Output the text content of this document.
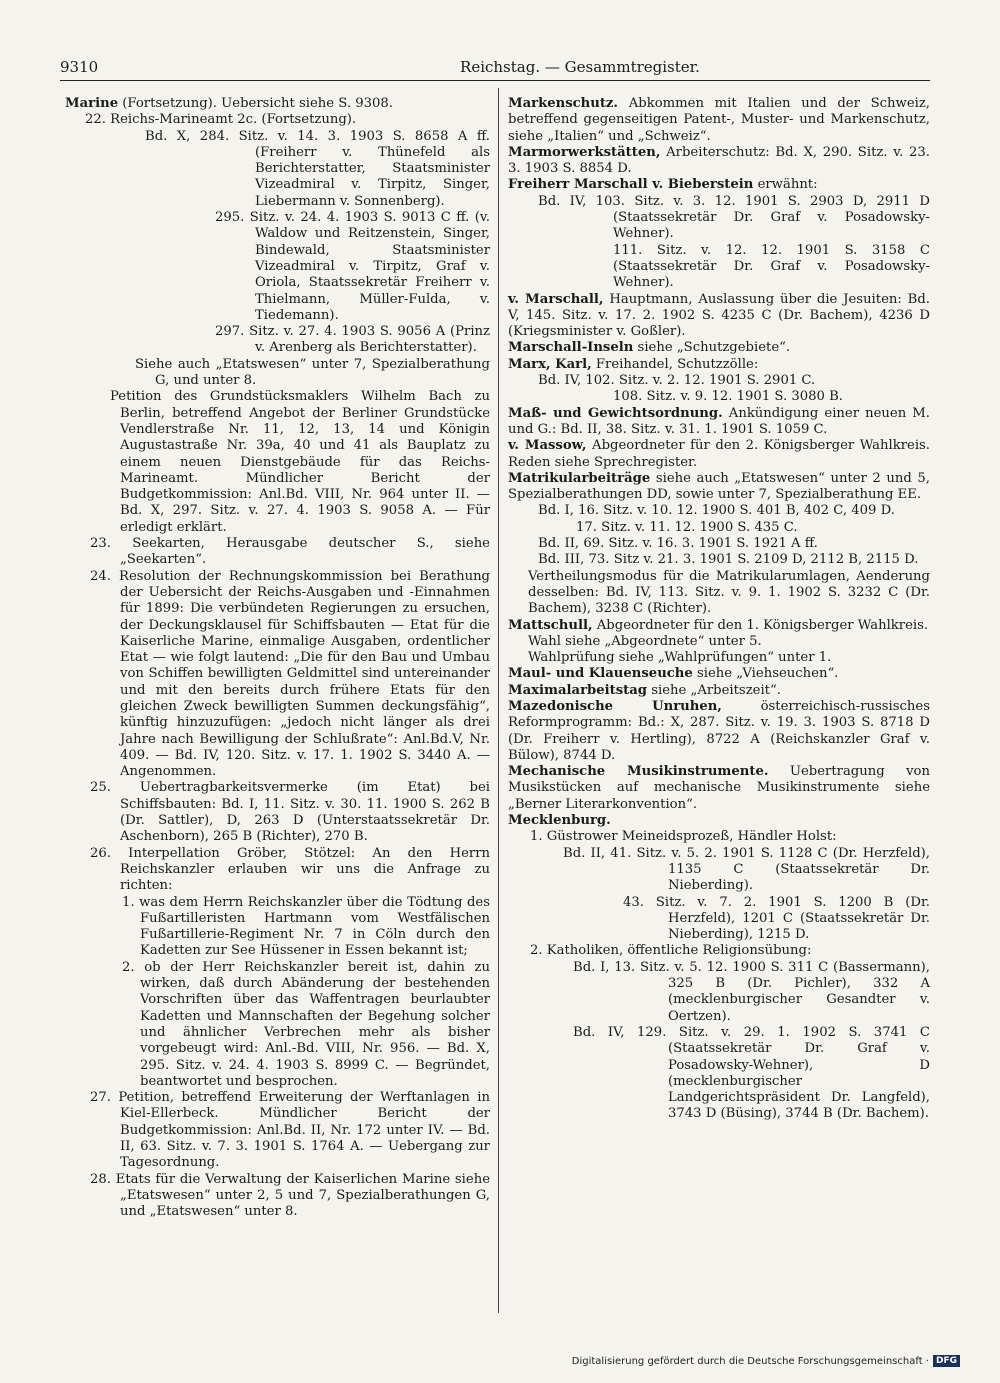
9310	Reichstag. — Gesammtregister.

Marine (Fortsetzung). Uebersicht siehe S. 9308.

22. Reichs-Marineamt 2c. (Fortsetzung).

Bd. X, 284. Sitz. v. 14. 3. 1903 S. 8658 A ff. (Freiherr v. Thünefeld als Berichterstatter, Staatsminister Vizeadmiral v. Tirpitz, Singer, Liebermann v. Sonnenberg).

295. Sitz. v. 24. 4. 1903 S. 9013 C ff. (v. Waldow und Reitzenstein, Singer, Bindewald, Staatsminister Vizeadmiral v. Tirpitz, Graf v. Oriola, Staatssekretär Freiherr v. Thielmann, Müller-Fulda, v. Tiedemann).

297. Sitz. v. 27. 4. 1903 S. 9056 A (Prinz v. Arenberg als Berichterstatter).

Siehe auch „Etatswesen“ unter 7, Spezialberathung G, und unter 8.

Petition des Grundstücksmaklers Wilhelm Bach zu Berlin, betreffend Angebot der Berliner Grundstücke Vendlerstraße Nr. 11, 12, 13, 14 und Königin Augustastraße Nr. 39a, 40 und 41 als Bauplatz zu einem neuen Dienstgebäude für das Reichs-Marineamt. Mündlicher Bericht der Budgetkommission: Anl.Bd. VIII, Nr. 964 unter II. — Bd. X, 297. Sitz. v. 27. 4. 1903 S. 9058 A. — Für erledigt erklärt.

23. Seekarten, Herausgabe deutscher S., siehe „Seekarten“.

24. Resolution der Rechnungskommission bei Berathung der Uebersicht der Reichs-Ausgaben und -Einnahmen für 1899: Die verbündeten Regierungen zu ersuchen, der Deckungsklausel für Schiffsbauten — Etat für die Kaiserliche Marine, einmalige Ausgaben, ordentlicher Etat — wie folgt lautend: „Die für den Bau und Umbau von Schiffen bewilligten Geldmittel sind untereinander und mit den bereits durch frühere Etats für den gleichen Zweck bewilligten Summen deckungsfähig“, künftig hinzuzufügen: „jedoch nicht länger als drei Jahre nach Bewilligung der Schlußrate“: Anl.Bd.V, Nr. 409. — Bd. IV, 120. Sitz. v. 17. 1. 1902 S. 3440 A. — Angenommen.

25. Uebertragbarkeitsvermerke (im Etat) bei Schiffsbauten: Bd. I, 11. Sitz. v. 30. 11. 1900 S. 262 B (Dr. Sattler), D, 263 D (Unterstaatssekretär Dr. Aschenborn), 265 B (Richter), 270 B.

26. Interpellation Gröber, Stötzel: An den Herrn Reichskanzler erlauben wir uns die Anfrage zu richten:

1. was dem Herrn Reichskanzler über die Tödtung des Fußartilleristen Hartmann vom Westfälischen Fußartillerie-Regiment Nr. 7 in Cöln durch den Kadetten zur See Hüssener in Essen bekannt ist;

2. ob der Herr Reichskanzler bereit ist, dahin zu wirken, daß durch Abänderung der bestehenden Vorschriften über das Waffentragen beurlaubter Kadetten und Mannschaften der Begehung solcher und ähnlicher Verbrechen mehr als bisher vorgebeugt wird: Anl.-Bd. VIII, Nr. 956. — Bd. X, 295. Sitz. v. 24. 4. 1903 S. 8999 C. — Begründet, beantwortet und besprochen.

27. Petition, betreffend Erweiterung der Werftanlagen in Kiel-Ellerbeck. Mündlicher Bericht der Budgetkommission: Anl.Bd. II, Nr. 172 unter IV. — Bd. II, 63. Sitz. v. 7. 3. 1901 S. 1764 A. — Uebergang zur Tagesordnung.

28. Etats für die Verwaltung der Kaiserlichen Marine siehe „Etatswesen“ unter 2, 5 und 7, Spezialberathungen G, und „Etatswesen“ unter 8.

Markenschutz. Abkommen mit Italien und der Schweiz, betreffend gegenseitigen Patent-, Muster- und Markenschutz, siehe „Italien“ und „Schweiz“.

Marmorwerkstätten, Arbeiterschutz: Bd. X, 290. Sitz. v. 23. 3. 1903 S. 8854 D.

Freiherr Marschall v. Bieberstein erwähnt:

Bd. IV, 103. Sitz. v. 3. 12. 1901 S. 2903 D, 2911 D (Staatssekretär Dr. Graf v. Posadowsky-Wehner).

111. Sitz. v. 12. 12. 1901 S. 3158 C (Staatssekretär Dr. Graf v. Posadowsky-Wehner).

v. Marschall, Hauptmann, Auslassung über die Jesuiten: Bd. V, 145. Sitz. v. 17. 2. 1902 S. 4235 C (Dr. Bachem), 4236 D (Kriegsminister v. Goßler).

Marschall-Inseln siehe „Schutzgebiete“.

Marx, Karl, Freihandel, Schutzzölle:

Bd. IV, 102. Sitz. v. 2. 12. 1901 S. 2901 C.

108. Sitz. v. 9. 12. 1901 S. 3080 B.

Maß- und Gewichtsordnung. Ankündigung einer neuen M. und G.: Bd. II, 38. Sitz. v. 31. 1. 1901 S. 1059 C.

v. Massow, Abgeordneter für den 2. Königsberger Wahlkreis. Reden siehe Sprechregister.

Matrikularbeiträge siehe auch „Etatswesen“ unter 2 und 5, Spezialberathungen DD, sowie unter 7, Spezialberathung EE.

Bd. I, 16. Sitz. v. 10. 12. 1900 S. 401 B, 402 C, 409 D.

17. Sitz. v. 11. 12. 1900 S. 435 C.

Bd. II, 69. Sitz. v. 16. 3. 1901 S. 1921 A ff.

Bd. III, 73. Sitz v. 21. 3. 1901 S. 2109 D, 2112 B, 2115 D.

Vertheilungsmodus für die Matrikularumlagen, Aenderung desselben: Bd. IV, 113. Sitz. v. 9. 1. 1902 S. 3232 C (Dr. Bachem), 3238 C (Richter).

Mattschull, Abgeordneter für den 1. Königsberger Wahlkreis.

Wahl siehe „Abgeordnete“ unter 5.

Wahlprüfung siehe „Wahlprüfungen“ unter 1.

Maul- und Klauenseuche siehe „Viehseuchen“.

Maximalarbeitstag siehe „Arbeitszeit“.

Mazedonische Unruhen,	österreichisch-russisches Reformprogramm: Bd.: X, 287. Sitz. v. 19. 3. 1903 S. 8718 D (Dr. Freiherr v. Hertling), 8722 A (Reichskanzler Graf v. Bülow), 8744 D.

Mechanische Musikinstrumente. Uebertragung von Musikstücken auf mechanische Musikinstrumente siehe „Berner Literarkonvention“.

Mecklenburg.

1. Güstrower Meineidsprozeß, Händler Holst:

Bd. II, 41. Sitz. v. 5. 2. 1901 S. 1128 C (Dr. Herzfeld), 1135 C (Staatssekretär Dr. Nieberding).

43. Sitz. v. 7. 2. 1901 S. 1200 B (Dr. Herzfeld), 1201 C (Staatssekretär Dr. Nieberding), 1215 D.

2. Katholiken, öffentliche Religionsübung:

Bd. I, 13. Sitz. v. 5. 12. 1900 S. 311 C (Bassermann), 325 B (Dr. Pichler), 332 A (mecklenburgischer Gesandter v. Oertzen).

Bd. IV, 129. Sitz. v. 29. 1. 1902 S. 3741 C (Staatssekretär Dr. Graf v. Posadowsky-Wehner), D (mecklenburgischer Landgerichtspräsident Dr. Langfeld), 3743 D (Büsing), 3744 B (Dr. Bachem).

Digitalisierung gefördert durch die Deutsche Forschungsgemeinschaft · DFG
